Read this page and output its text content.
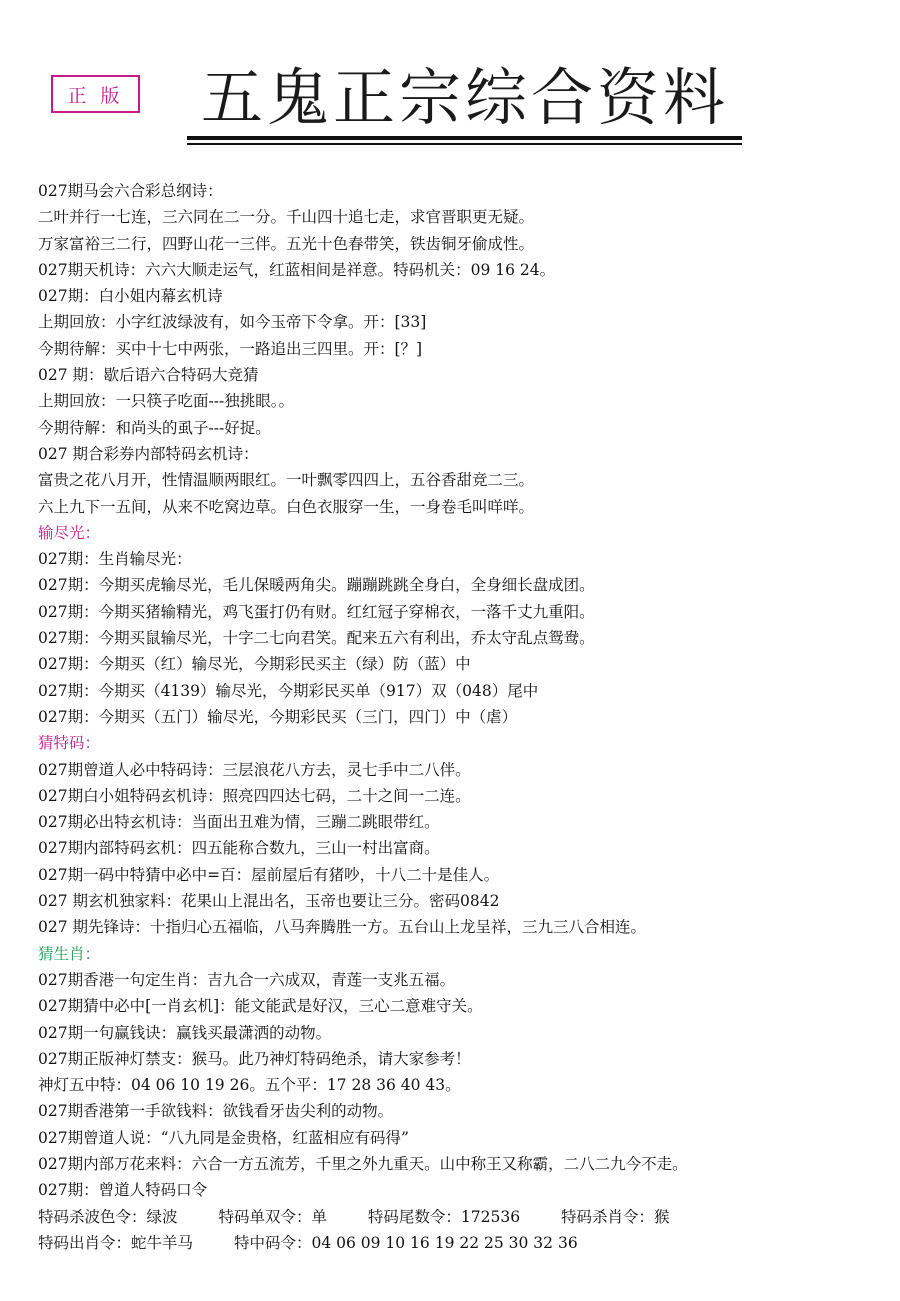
正 版	五鬼正宗综合资料
027期马会六合彩总纲诗：
二叶并行一七连，三六同在二一分。千山四十追七走，求官晋职更无疑。
万家富裕三二行，四野山花一三伴。五光十色春带笑，铁齿铜牙偷成性。
027期天机诗：六六大顺走运气，红蓝相间是祥意。特码机关：09 16 24。
027期：白小姐内幕玄机诗
上期回放：小字红波绿波有，如今玉帝下令拿。开：[33]
今期待解：买中十七中两张，一路追出三四里。开：[？]
027 期：歇后语六合特码大竞猜
上期回放：一只筷子吃面---独挑眼。。
今期待解：和尚头的虱子---好捉。
027 期合彩券内部特码玄机诗：
富贵之花八月开，性情温顺两眼红。一叶飘零四四上，五谷香甜竞二三。
六上九下一五间，从来不吃窝边草。白色衣服穿一生，一身卷毛叫咩咩。
输尽光：
027期：生肖输尽光：
027期：今期买虎输尽光，毛儿保暖两角尖。蹦蹦跳跳全身白，全身细长盘成团。
027期：今期买猪输精光，鸡飞蛋打仍有财。红红冠子穿棉衣，一落千丈九重阳。
027期：今期买鼠输尽光，十字二七向君笑。配来五六有利出，乔太守乱点鸳鸯。
027期：今期买（红）输尽光，今期彩民买主（绿）防（蓝）中
027期：今期买（4139）输尽光，今期彩民买单（917）双（048）尾中
027期：今期买（五门）输尽光，今期彩民买（三门，四门）中（虐）
猜特码：
027期曾道人必中特码诗：三层浪花八方去，灵七手中二八伴。
027期白小姐特码玄机诗：照亮四四达七码，二十之间一二连。
027期必出特玄机诗：当面出丑难为情，三蹦二跳眼带红。
027期内部特码玄机：四五能称合数九，三山一村出富商。
027期一码中特猜中必中=百：屋前屋后有猪吵，十八二十是佳人。
027 期玄机独家料：花果山上混出名，玉帝也要让三分。密码0842
027 期先锋诗：十指归心五福临，八马奔腾胜一方。五台山上龙呈祥，三九三八合相连。
猜生肖：
027期香港一句定生肖：吉九合一六成双，青莲一支兆五福。
027期猜中必中[一肖玄机]：能文能武是好汉，三心二意难守关。
027期一句赢钱诀：赢钱买最潇洒的动物。
027期正版神灯禁支：猴马。此乃神灯特码绝杀，请大家参考！
神灯五中特：04 06 10 19 26。五个平：17 28 36 40 43。
027期香港第一手欲钱料：欲钱看牙齿尖利的动物。
027期曾道人说：“八九同是金贵格，红蓝相应有码得”
027期内部万花来料：六合一方五流芳，千里之外九重天。山中称王又称霸，二八二九今不走。
027期：曾道人特码口令
特码杀波色令：绿波	特码单双令：单	特码尾数令：172536	特码杀肖令：猴
特码出肖令：蛇牛羊马	特中码令：04 06 09 10 16 19 22 25 30 32 36
